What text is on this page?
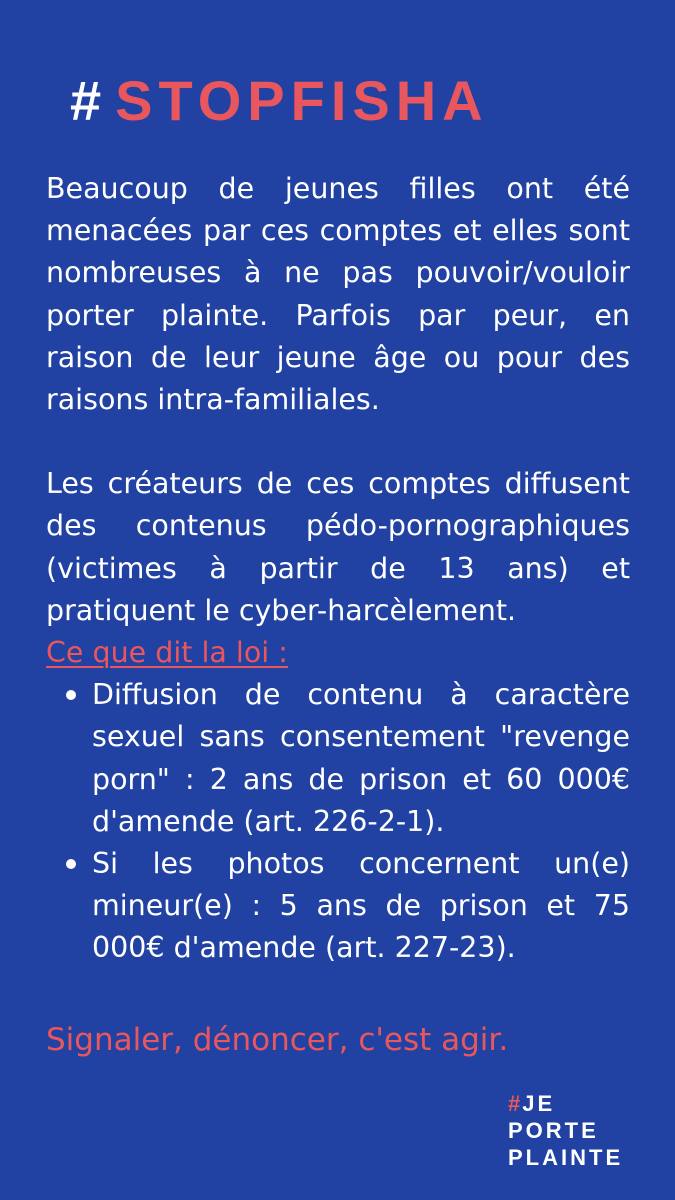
# STOPFISHA

Beaucoup de jeunes filles ont été menacées par ces comptes et elles sont nombreuses à ne pas pouvoir/vouloir porter plainte. Parfois par peur, en raison de leur jeune âge ou pour des raisons intra-familiales.

Les créateurs de ces comptes diffusent des contenus pédo-pornographiques (victimes à partir de 13 ans) et pratiquent le cyber-harcèlement.

Ce que dit la loi :

Diffusion de contenu à caractère sexuel sans consentement "revenge porn" : 2 ans de prison et 60 000€ d'amende (art. 226-2-1).
Si les photos concernent un(e) mineur(e) : 5 ans de prison et 75 000€ d'amende (art. 227-23).
Signaler, dénoncer, c'est agir.
#JE
PORTE
PLAINTE
